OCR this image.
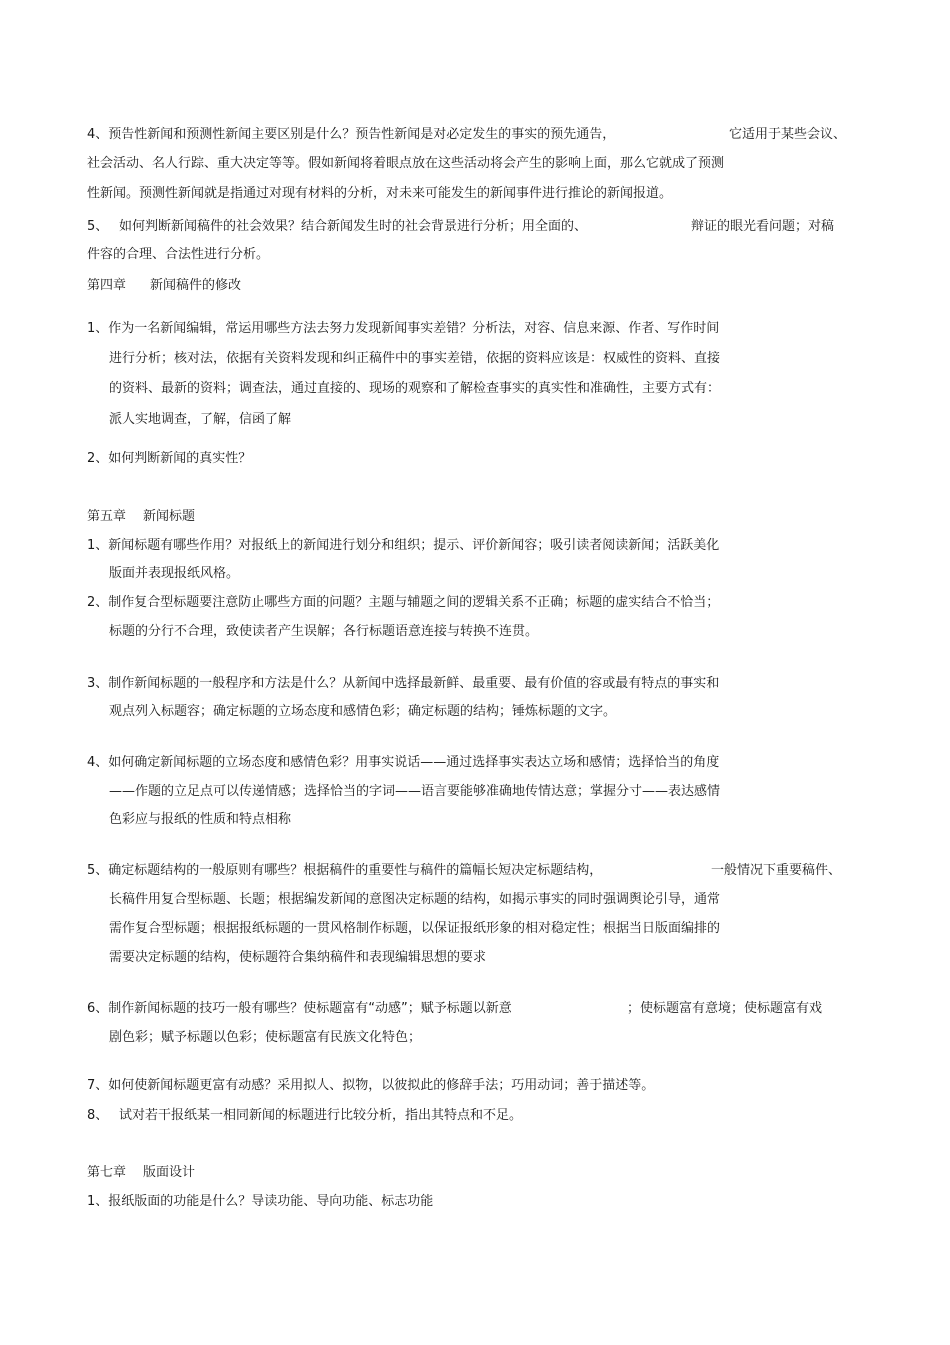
4、预告性新闻和预测性新闻主要区别是什么？预告性新闻是对必定发生的事实的预先通告，	它适用于某些会议、
社会活动、名人行踪、重大决定等等。假如新闻将着眼点放在这些活动将会产生的影响上面，那么它就成了预测
性新闻。预测性新闻就是指通过对现有材料的分析，对未来可能发生的新闻事件进行推论的新闻报道。
5、 如何判断新闻稿件的社会效果？结合新闻发生时的社会背景进行分析；用全面的、	辩证的眼光看问题；对稿
件容的合理、合法性进行分析。
第四章 新闻稿件的修改
1、作为一名新闻编辑，常运用哪些方法去努力发现新闻事实差错？分析法，对容、信息来源、作者、写作时间
进行分析；核对法，依据有关资料发现和纠正稿件中的事实差错，依据的资料应该是：权威性的资料、直接
的资料、最新的资料；调查法，通过直接的、现场的观察和了解检查事实的真实性和准确性，主要方式有：
派人实地调查，了解，信函了解
2、如何判断新闻的真实性？
第五章 新闻标题
1、新闻标题有哪些作用？对报纸上的新闻进行划分和组织；提示、评价新闻容；吸引读者阅读新闻；活跃美化
版面并表现报纸风格。
2、制作复合型标题要注意防止哪些方面的问题？主题与辅题之间的逻辑关系不正确；标题的虚实结合不恰当；
标题的分行不合理，致使读者产生误解；各行标题语意连接与转换不连贯。
3、制作新闻标题的一般程序和方法是什么？从新闻中选择最新鲜、最重要、最有价值的容或最有特点的事实和
观点列入标题容；确定标题的立场态度和感情色彩；确定标题的结构；锤炼标题的文字。
4、如何确定新闻标题的立场态度和感情色彩？用事实说话——通过选择事实表达立场和感情；选择恰当的角度
——作题的立足点可以传递情感；选择恰当的字词——语言要能够准确地传情达意；掌握分寸——表达感情
色彩应与报纸的性质和特点相称
5、确定标题结构的一般原则有哪些？根据稿件的重要性与稿件的篇幅长短决定标题结构，	一般情况下重要稿件、
长稿件用复合型标题、长题；根据编发新闻的意图决定标题的结构，如揭示事实的同时强调舆论引导，通常
需作复合型标题；根据报纸标题的一贯风格制作标题，以保证报纸形象的相对稳定性；根据当日版面编排的
需要决定标题的结构，使标题符合集纳稿件和表现编辑思想的要求
6、制作新闻标题的技巧一般有哪些？使标题富有“动感”；赋予标题以新意	；使标题富有意境；使标题富有戏
剧色彩；赋予标题以色彩；使标题富有民族文化特色；
7、如何使新闻标题更富有动感？采用拟人、拟物，以彼拟此的修辞手法；巧用动词；善于描述等。
8、 试对若干报纸某一相同新闻的标题进行比较分析，指出其特点和不足。
第七章 版面设计
1、报纸版面的功能是什么？导读功能、导向功能、标志功能
